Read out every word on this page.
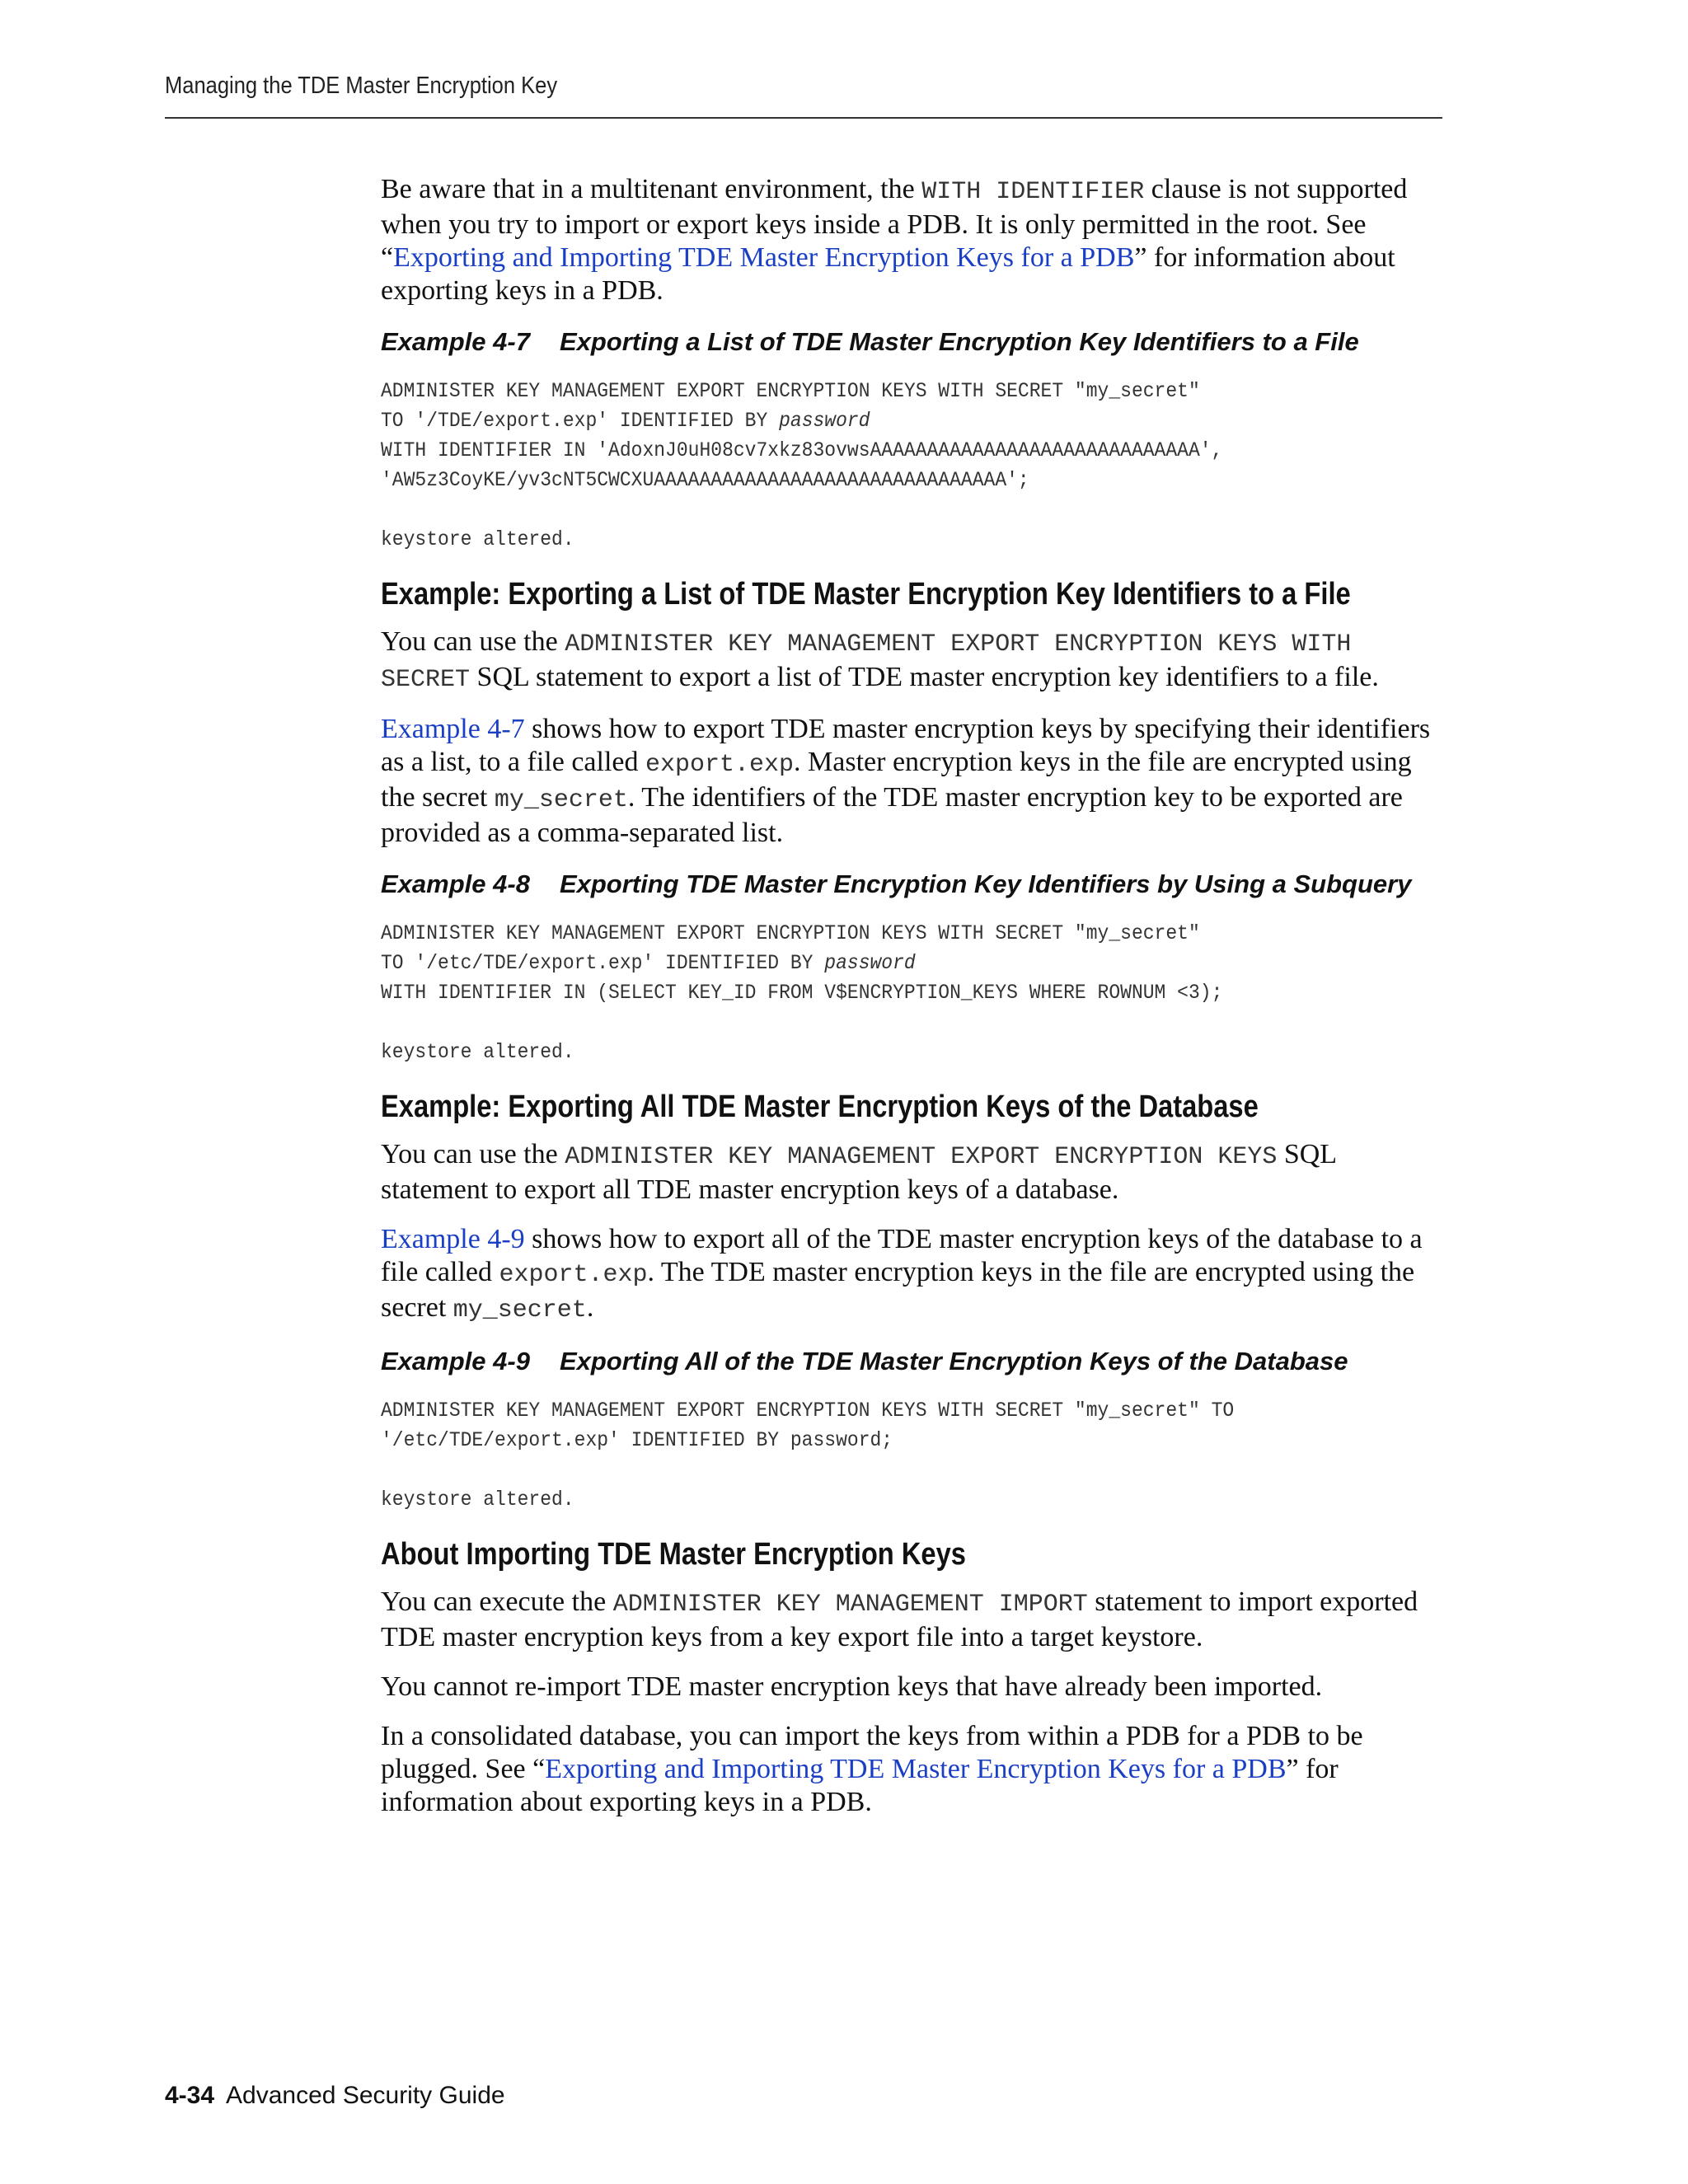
Managing the TDE Master Encryption Key

Be aware that in a multitenant environment, the WITH IDENTIFIER clause is not supported when you try to import or export keys inside a PDB. It is only permitted in the root. See “Exporting and Importing TDE Master Encryption Keys for a PDB” for information about exporting keys in a PDB.

Example 4-7 Exporting a List of TDE Master Encryption Key Identifiers to a File
ADMINISTER KEY MANAGEMENT EXPORT ENCRYPTION KEYS WITH SECRET "my_secret"
TO '/TDE/export.exp' IDENTIFIED BY password
WITH IDENTIFIER IN 'AdoxnJ0uH08cv7xkz83ovwsAAAAAAAAAAAAAAAAAAAAAAAAAAAAA',
'AW5z3CoyKE/yv3cNT5CWCXUAAAAAAAAAAAAAAAAAAAAAAAAAAAAAAA';
keystore altered.
Example: Exporting a List of TDE Master Encryption Key Identifiers to a File

You can use the ADMINISTER KEY MANAGEMENT EXPORT ENCRYPTION KEYS WITH SECRET SQL statement to export a list of TDE master encryption key identifiers to a file.

Example 4-7 shows how to export TDE master encryption keys by specifying their identifiers as a list, to a file called export.exp. Master encryption keys in the file are encrypted using the secret my_secret. The identifiers of the TDE master encryption key to be exported are provided as a comma-separated list.

Example 4-8 Exporting TDE Master Encryption Key Identifiers by Using a Subquery
ADMINISTER KEY MANAGEMENT EXPORT ENCRYPTION KEYS WITH SECRET "my_secret"
TO '/etc/TDE/export.exp' IDENTIFIED BY password
WITH IDENTIFIER IN (SELECT KEY_ID FROM V$ENCRYPTION_KEYS WHERE ROWNUM <3);
keystore altered.
Example: Exporting All TDE Master Encryption Keys of the Database

You can use the ADMINISTER KEY MANAGEMENT EXPORT ENCRYPTION KEYS SQL statement to export all TDE master encryption keys of a database.

Example 4-9 shows how to export all of the TDE master encryption keys of the database to a file called export.exp. The TDE master encryption keys in the file are encrypted using the secret my_secret.

Example 4-9 Exporting All of the TDE Master Encryption Keys of the Database
ADMINISTER KEY MANAGEMENT EXPORT ENCRYPTION KEYS WITH SECRET "my_secret" TO
'/etc/TDE/export.exp' IDENTIFIED BY password;
keystore altered.
About Importing TDE Master Encryption Keys

You can execute the ADMINISTER KEY MANAGEMENT IMPORT statement to import exported TDE master encryption keys from a key export file into a target keystore.

You cannot re-import TDE master encryption keys that have already been imported.

In a consolidated database, you can import the keys from within a PDB for a PDB to be plugged. See “Exporting and Importing TDE Master Encryption Keys for a PDB” for information about exporting keys in a PDB.

4-34 Advanced Security Guide
